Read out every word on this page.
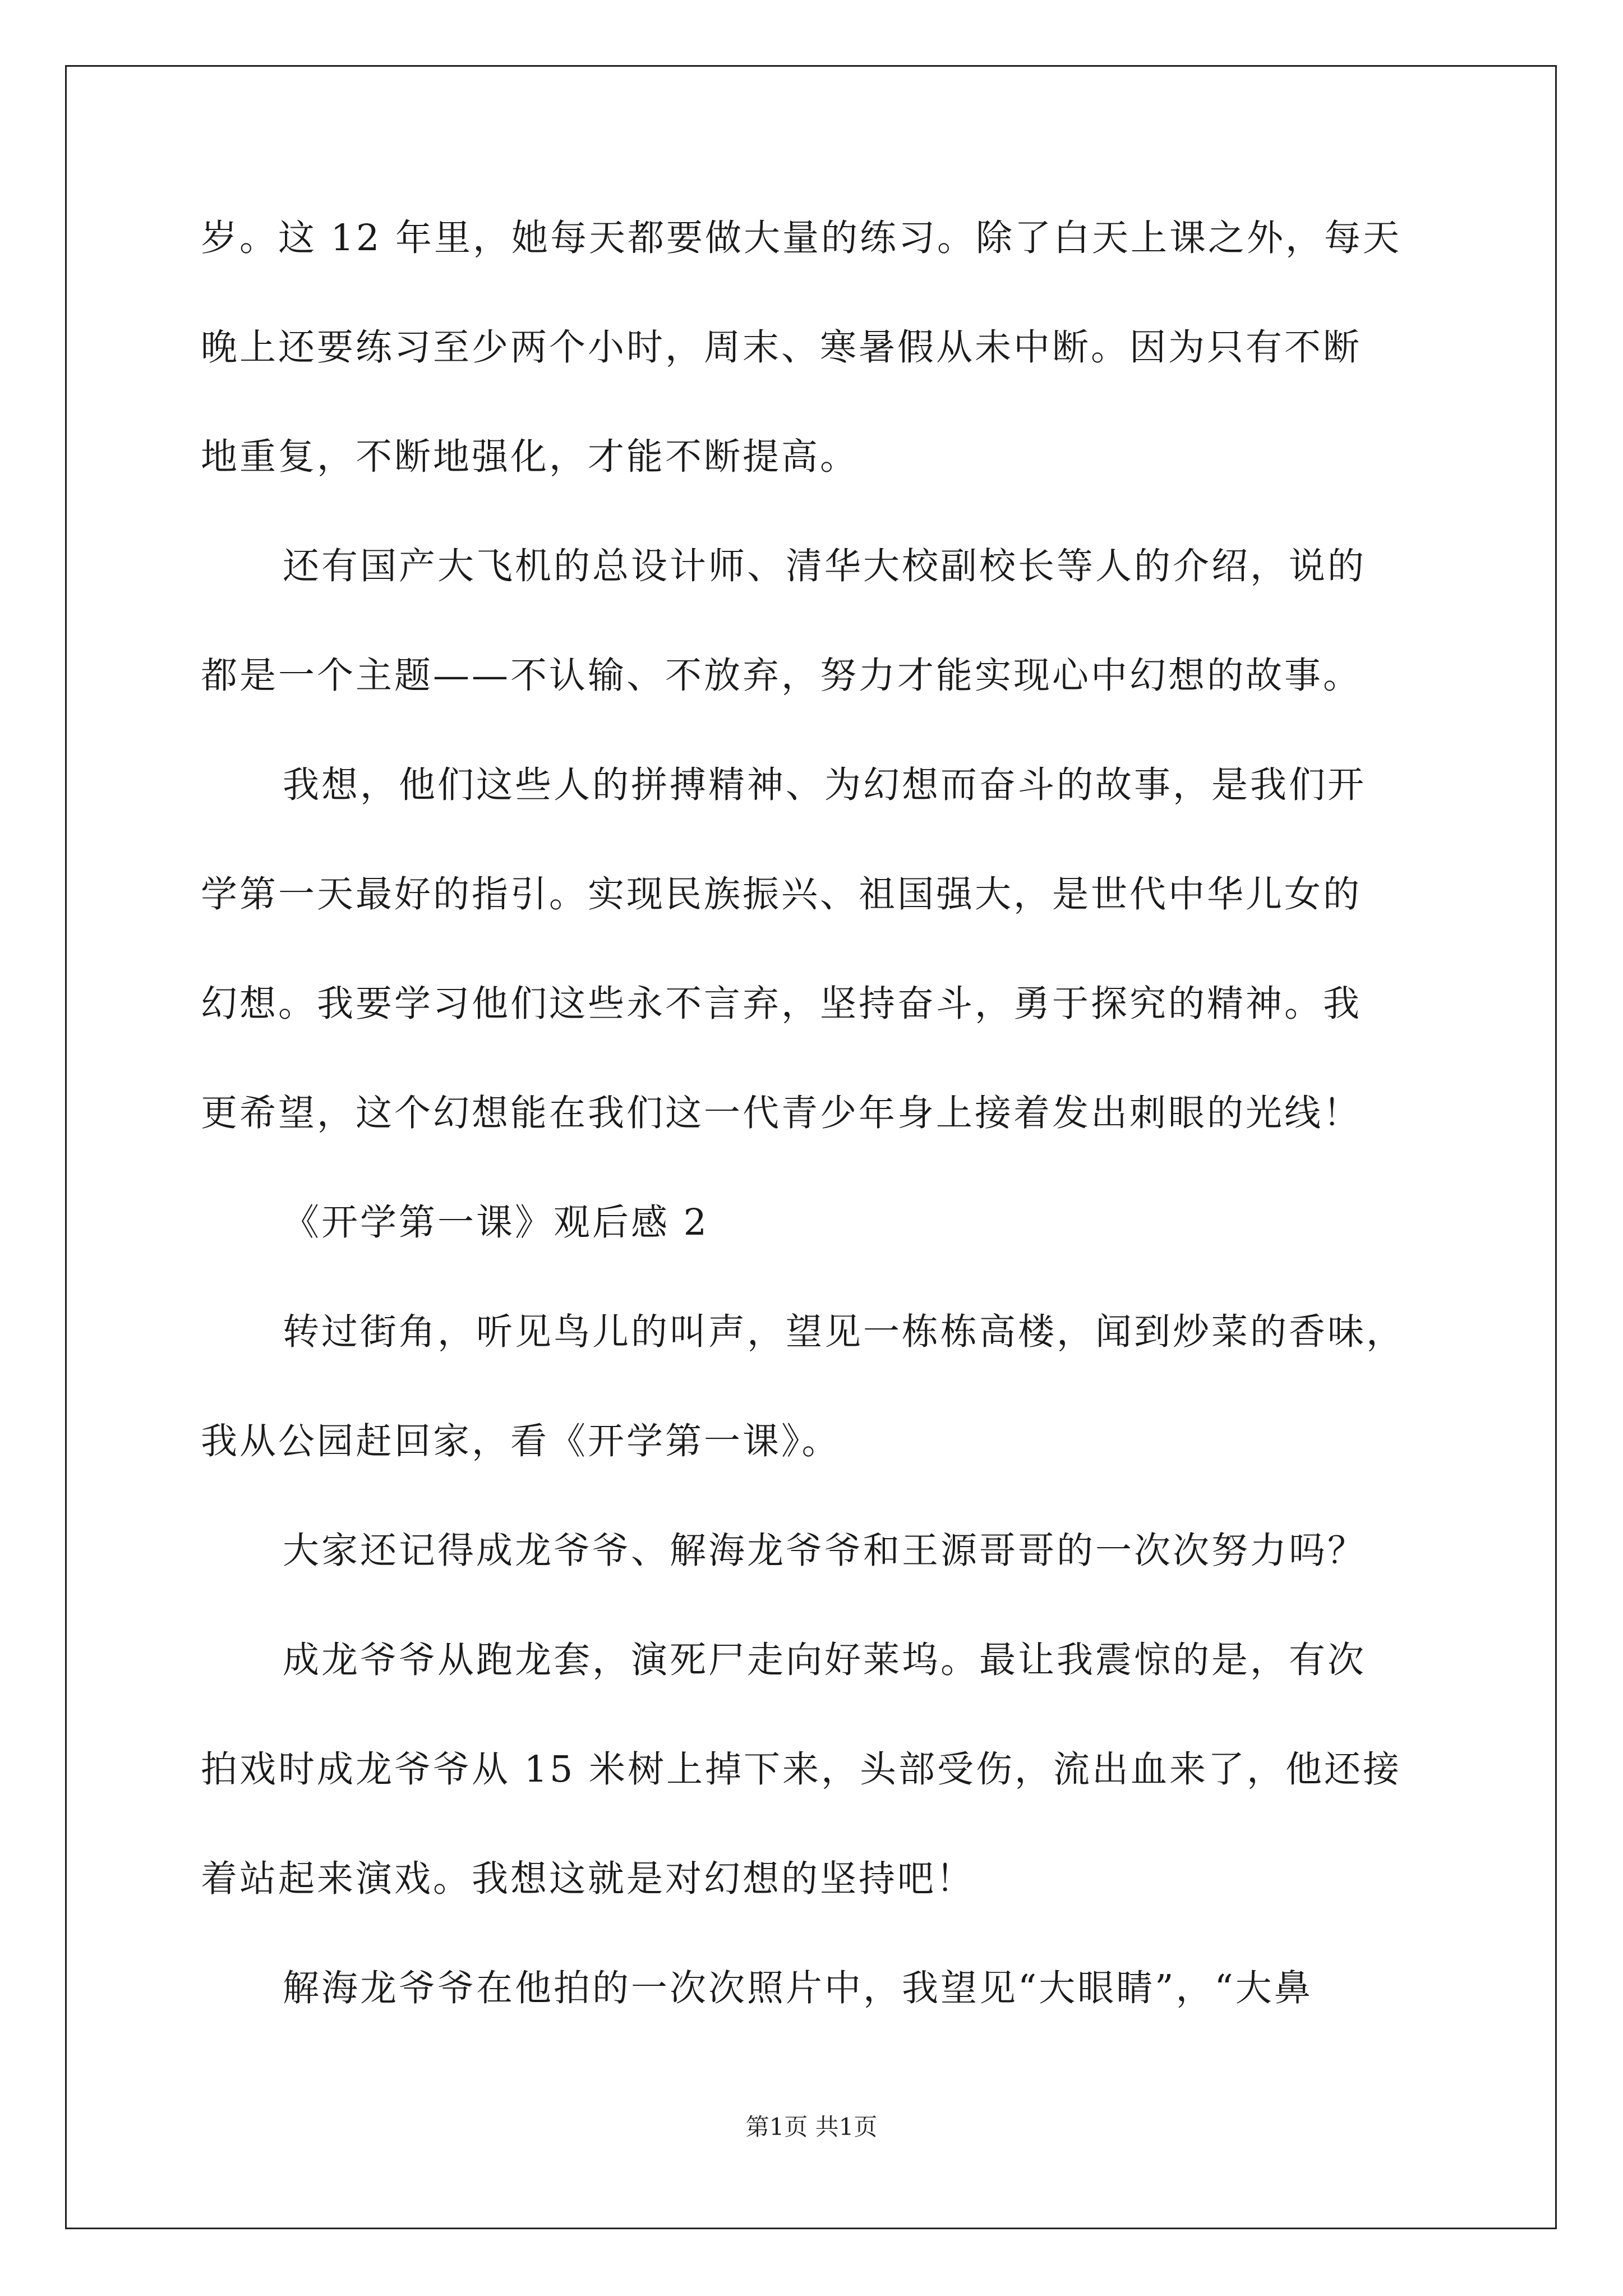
岁。这 12 年里，她每天都要做大量的练习。除了白天上课之外，每天
晚上还要练习至少两个小时，周末、寒暑假从未中断。因为只有不断
地重复，不断地强化，才能不断提高。
还有国产大飞机的总设计师、清华大校副校长等人的介绍，说的
都是一个主题——不认输、不放弃，努力才能实现心中幻想的故事。
我想，他们这些人的拼搏精神、为幻想而奋斗的故事，是我们开
学第一天最好的指引。实现民族振兴、祖国强大，是世代中华儿女的
幻想。我要学习他们这些永不言弃，坚持奋斗，勇于探究的精神。我
更希望，这个幻想能在我们这一代青少年身上接着发出刺眼的光线！
《开学第一课》观后感 2
转过街角，听见鸟儿的叫声，望见一栋栋高楼，闻到炒菜的香味，
我从公园赶回家，看《开学第一课》。
大家还记得成龙爷爷、解海龙爷爷和王源哥哥的一次次努力吗？
成龙爷爷从跑龙套，演死尸走向好莱坞。最让我震惊的是，有次
拍戏时成龙爷爷从 15 米树上掉下来，头部受伤，流出血来了，他还接
着站起来演戏。我想这就是对幻想的坚持吧！
解海龙爷爷在他拍的一次次照片中，我望见“大眼睛”，“大鼻
第1页 共1页
